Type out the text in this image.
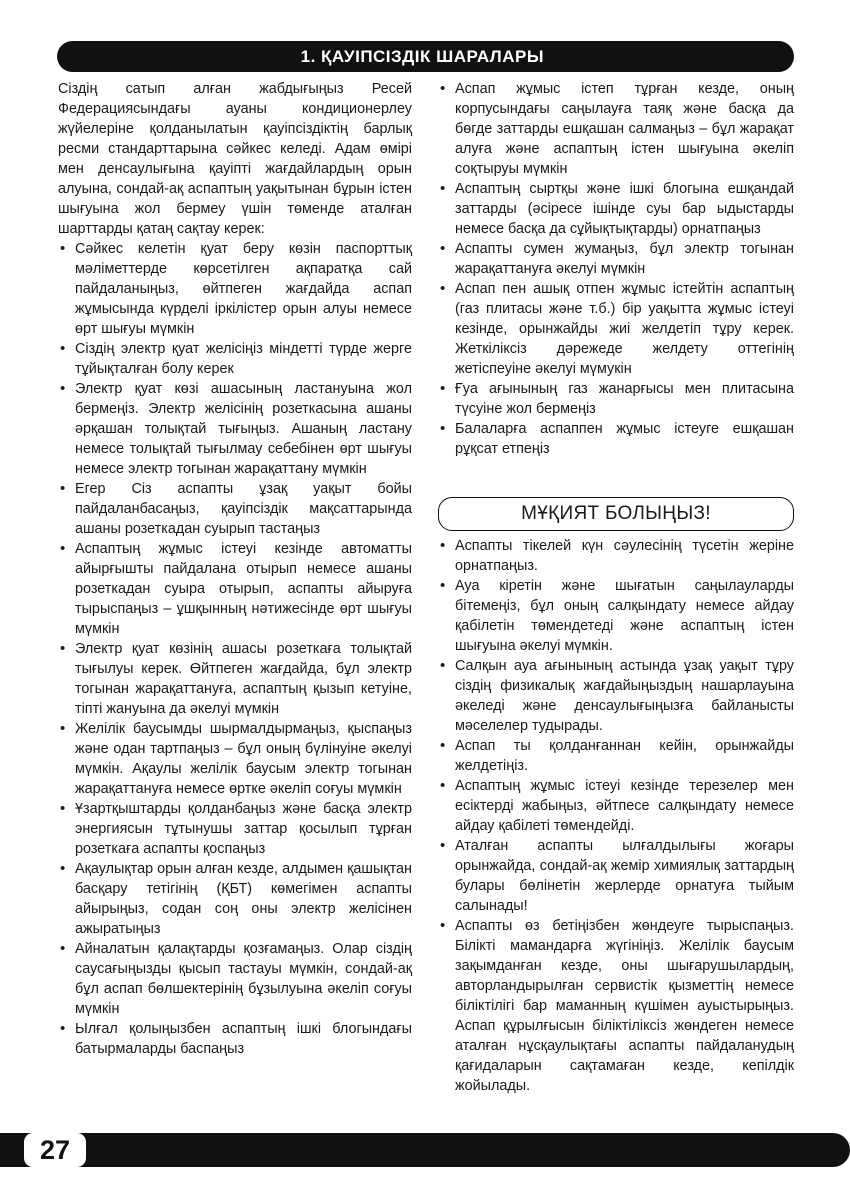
1. ҚАУІПСІЗДІК ШАРАЛАРЫ

Сіздің сатып алған жабдығыңыз Ресей Федерациясындағы ауаны кондиционерлеу жүйелеріне қолданылатын қауіпсіздіктің барлық ресми стандарттарына сәйкес келеді. Адам өмірі мен денсаулығына қауіпті жағдайлардың орын алуына, сондай-ақ аспаптың уақытынан бұрын істен шығуына жол бермеу үшін төменде аталған шарттарды қатаң сақтау керек:

• Сәйкес келетін қуат беру көзін паспорттық мәліметтерде көрсетілген ақпаратқа сай пайдаланыңыз, өйтпеген жағдайда аспап жұмысында күрделі іркілістер орын алуы немесе өрт шығуы мүмкін
• Сіздің электр қуат желісіңіз міндетті түрде жерге тұйықталған болу керек
• Электр қуат көзі ашасының ластануына жол бермеңіз. Электр желісінің розеткасына ашаны әрқашан толықтай тығыңыз. Ашаның ластану немесе толықтай тығылмау себебінен өрт шығуы немесе электр тогынан жарақаттану мүмкін
• Егер Сіз аспапты ұзақ уақыт бойы пайдаланбасаңыз, қауіпсіздік мақсаттарында ашаны розеткадан суырып тастаңыз
• Аспаптың жұмыс істеуі кезінде автоматты айырғышты пайдалана отырып немесе ашаны розеткадан суыра отырып, аспапты айыруға тырыспаңыз – ұшқынның нәтижесінде өрт шығуы мүмкін
• Электр қуат көзінің ашасы розеткаға толықтай тығылуы керек. Өйтпеген жағдайда, бұл электр тогынан жарақаттануға, аспаптың қызып кетуіне, тіпті жануына да әкелуі мүмкін
• Желілік баусымды шырмалдырмаңыз, қыспаңыз және одан тартпаңыз – бұл оның бүлінуіне әкелуі мүмкін. Ақаулы желілік баусым электр тогынан жарақаттануға немесе өртке әкеліп соғуы мүмкін
• Ұзартқыштарды қолданбаңыз және басқа электр энергиясын тұтынушы заттар қосылып тұрған розеткаға аспапты қоспаңыз
• Ақаулықтар орын алған кезде, алдымен қашықтан басқару тетігінің (ҚБТ) көмегімен аспапты айырыңыз, содан соң оны электр желісінен ажыратыңыз
• Айналатын қалақтарды қозғамаңыз. Олар сіздің саусағыңызды қысып тастауы мүмкін, сондай-ақ бұл аспап бөлшектерінің бұзылуына әкеліп соғуы мүмкін
• Ылғал қолыңызбен аспаптың ішкі блогындағы батырмаларды баспаңыз
• Аспап жұмыс істеп тұрған кезде, оның корпусындағы саңылауға таяқ және басқа да бөгде заттарды ешқашан салмаңыз – бұл жарақат алуға және аспаптың істен шығуына әкеліп соқтыруы мүмкін
• Аспаптың сыртқы және ішкі блогына ешқандай заттарды (әсіресе ішінде суы бар ыдыстарды немесе басқа да сұйықтықтарды) орнатпаңыз
• Аспапты сумен жумаңыз, бұл электр тогынан жарақаттануға әкелуі мүмкін
• Аспап пен ашық отпен жұмыс істейтін аспаптың (газ плитасы және т.б.) бір уақытта жұмыс істеуі кезінде, орынжайды жиі желдетіп тұру керек. Жеткіліксіз дәрежеде желдету оттегінің жетіспеуіне әкелуі мүмукін
• Ғуа ағынының газ жанарғысы мен плитасына түсуіне жол бермеңіз
• Балаларға аспаппен жұмыс істеуге ешқашан рұқсат етпеңіз
МҰҚИЯТ БОЛЫҢЫЗ!
• Аспапты тікелей күн сәулесінің түсетін жеріне орнатпаңыз.
• Ауа кіретін және шығатын саңылауларды бітемеңіз, бұл оның салқындату немесе айдау қабілетін төмендетеді және аспаптың істен шығуына әкелуі мүмкін.
• Салқын ауа ағынының астында ұзақ уақыт тұру сіздің физикалық жағдайыңыздың нашарлауына әкеледі және денсаулығыңызға байланысты мәселелер тудырады.
• Аспап ты қолданғаннан кейін, орынжайды желдетіңіз.
• Аспаптың жұмыс істеуі кезінде терезелер мен есіктерді жабыңыз, әйтпесе салқындату немесе айдау қабілеті төмендейді.
• Аталған аспапты ылғалдылығы жоғары орынжайда, сондай-ақ жемір химиялық заттардың булары бөлінетін жерлерде орнатуға тыйым салынады!
• Аспапты өз бетіңізбен жөндеуге тырыспаңыз. Білікті мамандарға жүгініңіз. Желілік баусым зақымданған кезде, оны шығарушылардың, авторландырылған сервистік қызметтің немесе біліктілігі бар маманның күшімен ауыстырыңыз. Аспап құрылғысын біліктіліксіз жөндеген немесе аталған нұсқаулықтағы аспапты пайдаланудың қағидаларын сақтамаған кезде, кепілдік жойылады.
27
